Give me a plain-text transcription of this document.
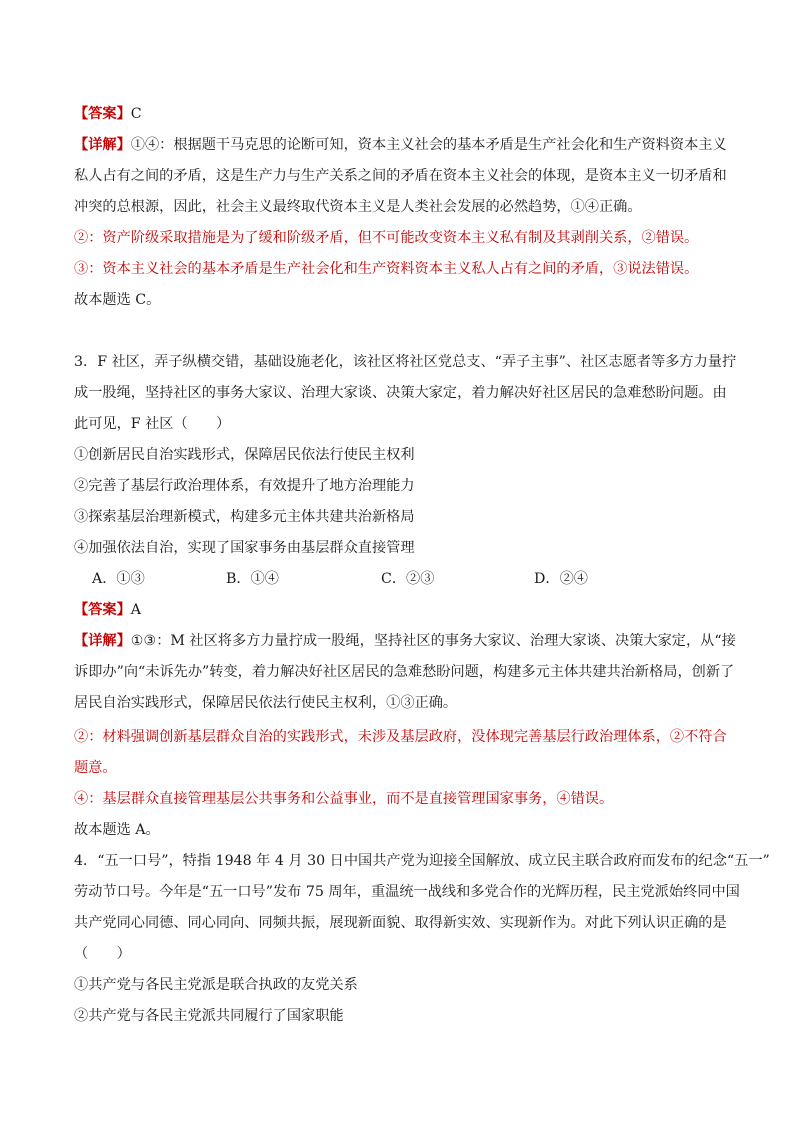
【答案】C
【详解】①④：根据题干马克思的论断可知，资本主义社会的基本矛盾是生产社会化和生产资料资本主义
私人占有之间的矛盾，这是生产力与生产关系之间的矛盾在资本主义社会的体现，是资本主义一切矛盾和
冲突的总根源，因此，社会主义最终取代资本主义是人类社会发展的必然趋势，①④正确。
②：资产阶级采取措施是为了缓和阶级矛盾，但不可能改变资本主义私有制及其剥削关系，②错误。
③：资本主义社会的基本矛盾是生产社会化和生产资料资本主义私人占有之间的矛盾，③说法错误。
故本题选 C。
3．F 社区，弄子纵横交错，基础设施老化，该社区将社区党总支、“弄子主事”、社区志愿者等多方力量拧
成一股绳，坚持社区的事务大家议、治理大家谈、决策大家定，着力解决好社区居民的急难愁盼问题。由
此可见，F 社区（　　）
①创新居民自治实践形式，保障居民依法行使民主权利
②完善了基层行政治理体系，有效提升了地方治理能力
③探索基层治理新模式，构建多元主体共建共治新格局
④加强依法自治，实现了国家事务由基层群众直接管理
A．①③	B．①④	C．②③	D．②④
【答案】A
【详解】①③：M 社区将多方力量拧成一股绳，坚持社区的事务大家议、治理大家谈、决策大家定，从“接
诉即办”向“未诉先办”转变，着力解决好社区居民的急难愁盼问题，构建多元主体共建共治新格局，创新了
居民自治实践形式，保障居民依法行使民主权利，①③正确。
②：材料强调创新基层群众自治的实践形式，未涉及基层政府，没体现完善基层行政治理体系，②不符合
题意。
④：基层群众直接管理基层公共事务和公益事业，而不是直接管理国家事务，④错误。
故本题选 A。
4．“五一口号”，特指 1948 年 4 月 30 日中国共产党为迎接全国解放、成立民主联合政府而发布的纪念“五一”
劳动节口号。今年是“五一口号”发布 75 周年，重温统一战线和多党合作的光辉历程，民主党派始终同中国
共产党同心同德、同心同向、同频共振，展现新面貌、取得新实效、实现新作为。对此下列认识正确的是
（　　）
①共产党与各民主党派是联合执政的友党关系
②共产党与各民主党派共同履行了国家职能
